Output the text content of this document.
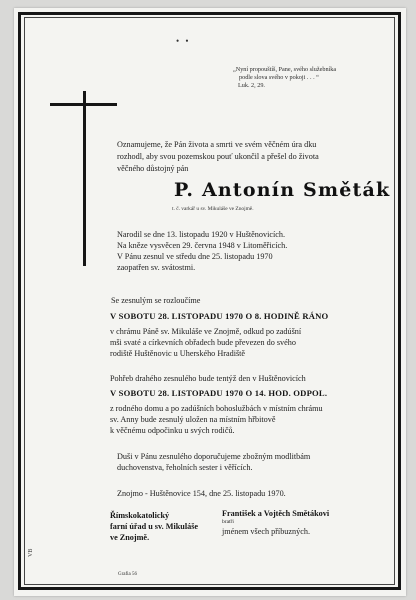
• •
„Nyní propouštíš, Pane, svého služebníka
podle slova svého v pokoji . . . “
Luk. 2, 29.
Oznamujeme, že Pán života a smrti ve svém věčném úra dku
rozhodl, aby svou pozemskou pouť ukončil a přešel do života
věčného důstojný pán
P. Antonín Směták
t. č. varkář u sv. Mikuláše ve Znojmě.
Narodil se dne 13. listopadu 1920 v Huštěnovicích.
Na kněze vysvěcen 29. června 1948 v Litoměřicích.
V Pánu zesnul ve středu dne 25. listopadu 1970
zaopatřen sv. svátostmi.
Se zesnulým se rozloučíme
V SOBOTU 28. LISTOPADU 1970 O 8. HODINĚ RÁNO
v chrámu Páně sv. Mikuláše ve Znojmě, odkud po zadúšní
mši svaté a církevních obřadech bude převezen do svého
rodiště Huštěnovic u Uherského Hradiště
Pohřeb drahého zesnulého bude tentýž den v Huštěnovicích
V SOBOTU 28. LISTOPADU 1970 O 14. HOD. ODPOL.
z rodného domu a po zadúšních bohoslužbách v místním chrámu
sv. Anny bude zesnulý uložen na místním hřbitově
k věčnému odpočinku u svých rodičů.
Duši v Pánu zesnulého doporučujeme zbožným modlitbám
duchovenstva, řeholních sester i věřících.
Znojmo - Huštěnovice 154, dne 25. listopadu 1970.
Římskokatolický
farní úřad u sv. Mikuláše
ve Znojmě.
František a Vojtěch Smětákovi
bratři
jménem všech příbuzných.
Grafia 56
VB
